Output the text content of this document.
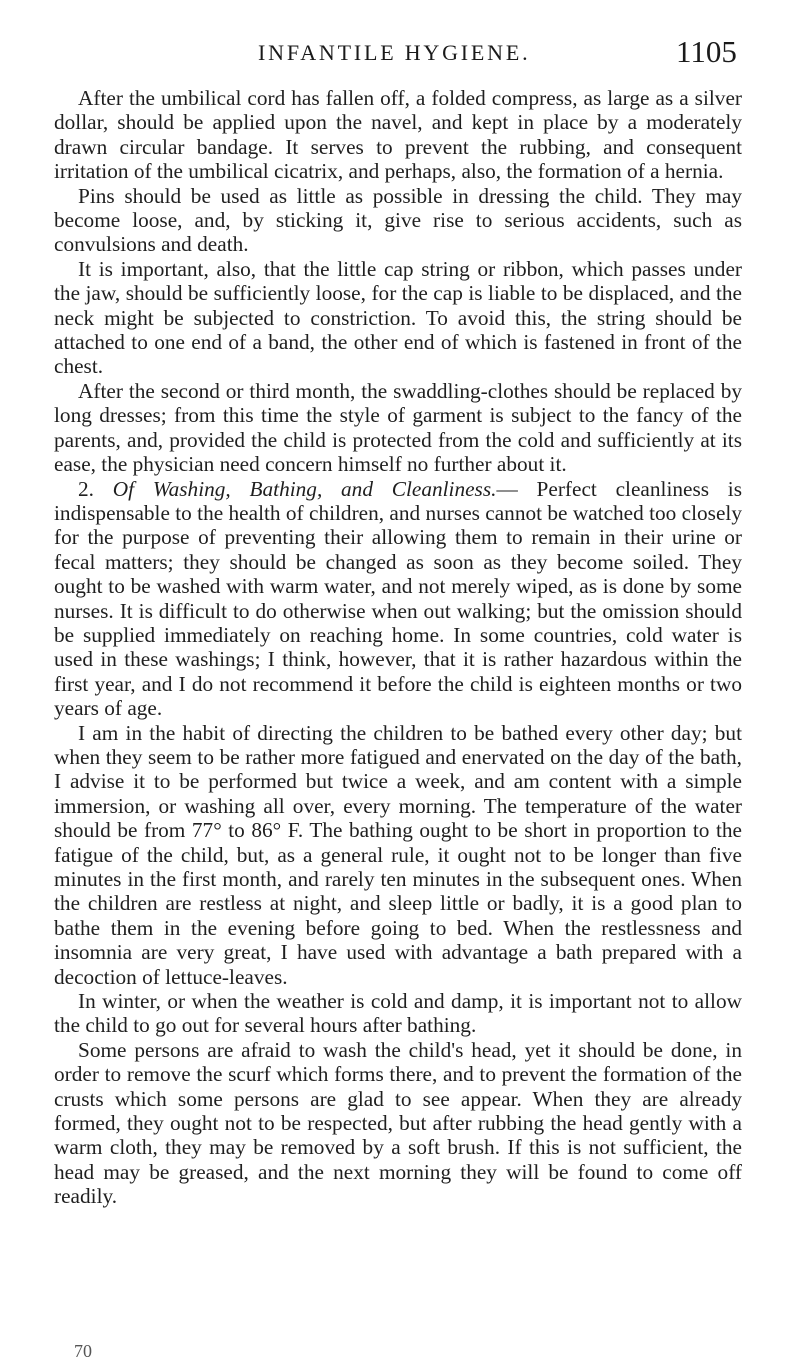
INFANTILE HYGIENE.	1105

After the umbilical cord has fallen off, a folded compress, as large as a silver dollar, should be applied upon the navel, and kept in place by a moderately drawn circular bandage. It serves to prevent the rubbing, and consequent irritation of the umbilical cicatrix, and perhaps, also, the formation of a hernia.

Pins should be used as little as possible in dressing the child. They may become loose, and, by sticking it, give rise to serious accidents, such as convulsions and death.

It is important, also, that the little cap string or ribbon, which passes under the jaw, should be sufficiently loose, for the cap is liable to be displaced, and the neck might be subjected to constriction. To avoid this, the string should be attached to one end of a band, the other end of which is fastened in front of the chest.

After the second or third month, the swaddling-clothes should be replaced by long dresses; from this time the style of garment is subject to the fancy of the parents, and, provided the child is protected from the cold and sufficiently at its ease, the physician need concern himself no further about it.

2. Of Washing, Bathing, and Cleanliness.— Perfect cleanliness is indispensable to the health of children, and nurses cannot be watched too closely for the purpose of preventing their allowing them to remain in their urine or fecal matters; they should be changed as soon as they become soiled. They ought to be washed with warm water, and not merely wiped, as is done by some nurses. It is difficult to do otherwise when out walking; but the omission should be supplied immediately on reaching home. In some countries, cold water is used in these washings; I think, however, that it is rather hazardous within the first year, and I do not recommend it before the child is eighteen months or two years of age.

I am in the habit of directing the children to be bathed every other day; but when they seem to be rather more fatigued and enervated on the day of the bath, I advise it to be performed but twice a week, and am content with a simple immersion, or washing all over, every morning. The temperature of the water should be from 77° to 86° F. The bathing ought to be short in proportion to the fatigue of the child, but, as a general rule, it ought not to be longer than five minutes in the first month, and rarely ten minutes in the subsequent ones. When the children are restless at night, and sleep little or badly, it is a good plan to bathe them in the evening before going to bed. When the restlessness and insomnia are very great, I have used with advantage a bath prepared with a decoction of lettuce-leaves.

In winter, or when the weather is cold and damp, it is important not to allow the child to go out for several hours after bathing.

Some persons are afraid to wash the child's head, yet it should be done, in order to remove the scurf which forms there, and to prevent the formation of the crusts which some persons are glad to see appear. When they are already formed, they ought not to be respected, but after rubbing the head gently with a warm cloth, they may be removed by a soft brush. If this is not sufficient, the head may be greased, and the next morning they will be found to come off readily.

70
